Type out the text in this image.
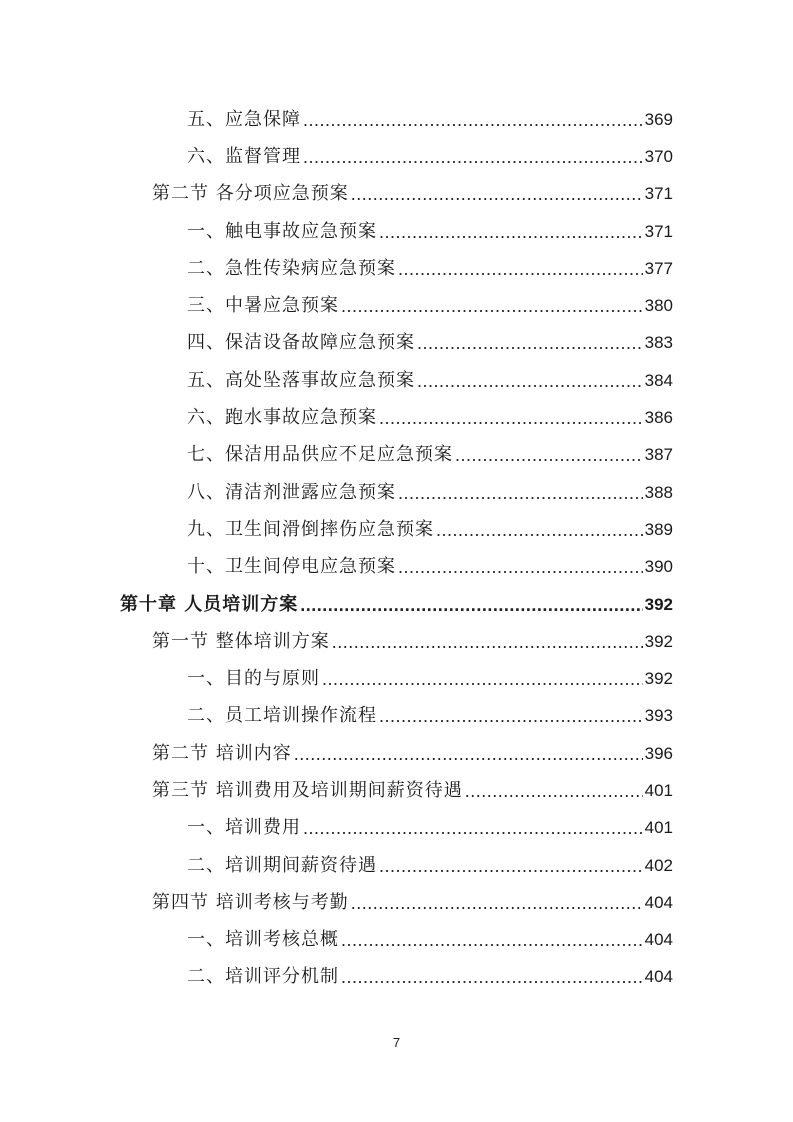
五、应急保障 .....	369
六、监督管理 .....	370
第二节 各分项应急预案 .....	371
一、触电事故应急预案 .....	371
二、急性传染病应急预案 .....	377
三、中暑应急预案 .....	380
四、保洁设备故障应急预案 .....	383
五、高处坠落事故应急预案 .....	384
六、跑水事故应急预案 .....	386
七、保洁用品供应不足应急预案 .....	387
八、清洁剂泄露应急预案 .....	388
九、卫生间滑倒摔伤应急预案 .....	389
十、卫生间停电应急预案 .....	390
第十章 人员培训方案 .....	392
第一节 整体培训方案 .....	392
一、目的与原则 .....	392
二、员工培训操作流程 .....	393
第二节 培训内容 .....	396
第三节 培训费用及培训期间薪资待遇 .....	401
一、培训费用 .....	401
二、培训期间薪资待遇 .....	402
第四节 培训考核与考勤 .....	404
一、培训考核总概 .....	404
二、培训评分机制 .....	404
7
